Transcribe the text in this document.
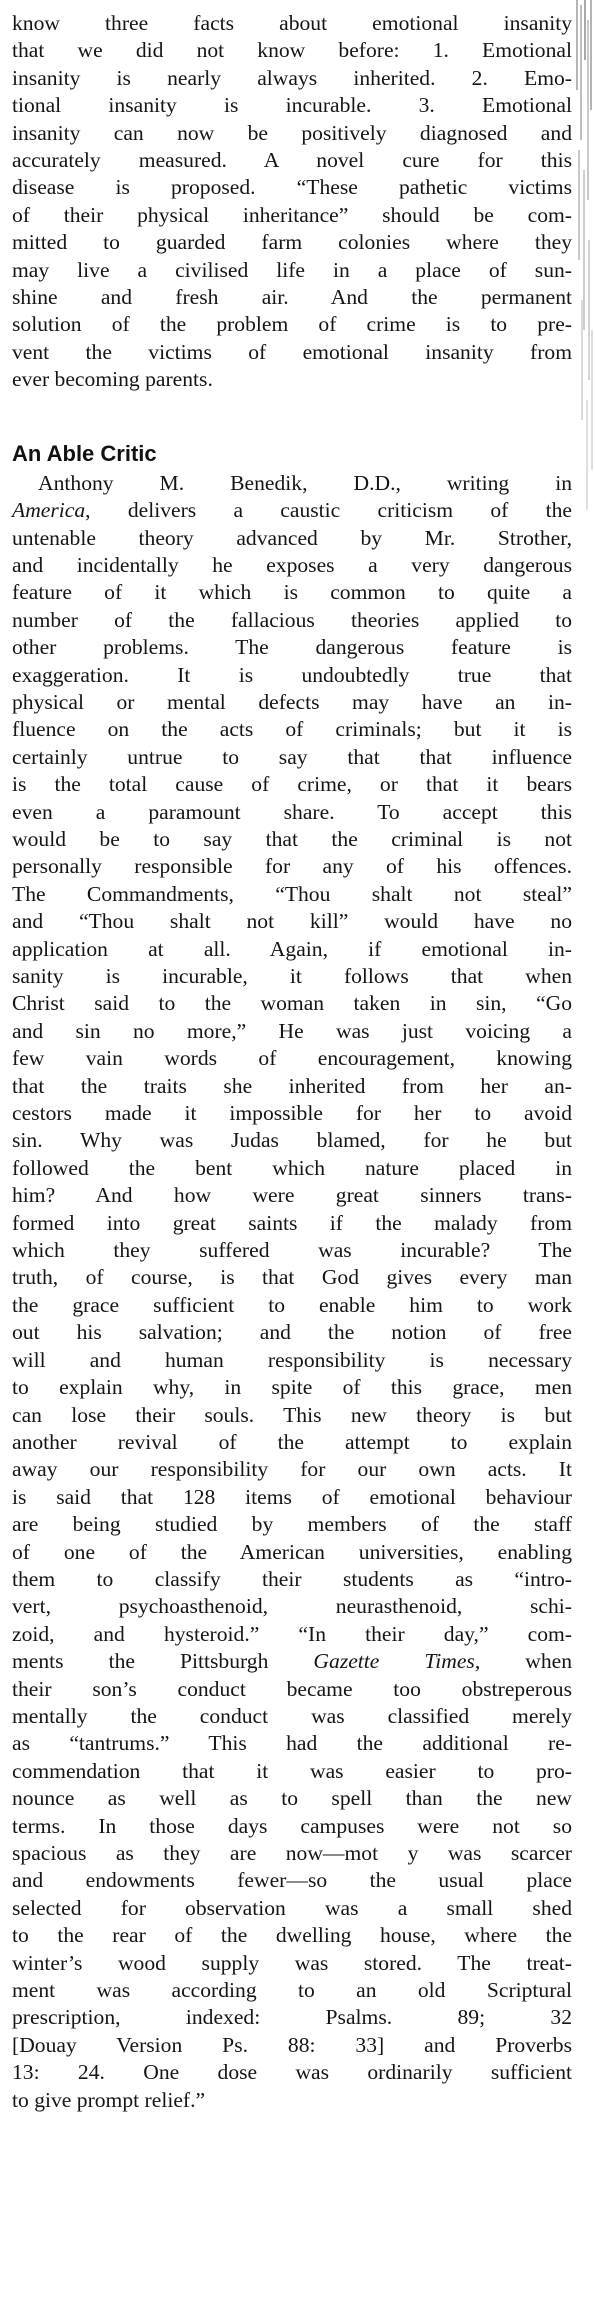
know three facts about emotional insanity
that we did not know before: 1. Emotional
insanity is nearly always inherited. 2. Emo-
tional insanity is incurable. 3. Emotional
insanity can now be positively diagnosed and
accurately measured. A novel cure for this
disease is proposed. “These pathetic victims
of their physical inheritance” should be com-
mitted to guarded farm colonies where they
may live a civilised life in a place of sun-
shine and fresh air. And the permanent
solution of the problem of crime is to pre-
vent the victims of emotional insanity from
ever becoming parents.
An Able Critic
Anthony M. Benedik, D.D., writing in
America, delivers a caustic criticism of the
untenable theory advanced by Mr. Strother,
and incidentally he exposes a very dangerous
feature of it which is common to quite a
number of the fallacious theories applied to
other problems. The dangerous feature is
exaggeration. It is undoubtedly true that
physical or mental defects may have an in-
fluence on the acts of criminals; but it is
certainly untrue to say that that influence
is the total cause of crime, or that it bears
even a paramount share. To accept this
would be to say that the criminal is not
personally responsible for any of his offences.
The Commandments, “Thou shalt not steal”
and “Thou shalt not kill” would have no
application at all. Again, if emotional in-
sanity is incurable, it follows that when
Christ said to the woman taken in sin, “Go
and sin no more,” He was just voicing a
few vain words of encouragement, knowing
that the traits she inherited from her an-
cestors made it impossible for her to avoid
sin. Why was Judas blamed, for he but
followed the bent which nature placed in
him? And how were great sinners trans-
formed into great saints if the malady from
which they suffered was incurable? The
truth, of course, is that God gives every man
the grace sufficient to enable him to work
out his salvation; and the notion of free
will and human responsibility is necessary
to explain why, in spite of this grace, men
can lose their souls. This new theory is but
another revival of the attempt to explain
away our responsibility for our own acts. It
is said that 128 items of emotional behaviour
are being studied by members of the staff
of one of the American universities, enabling
them to classify their students as “intro-
vert, psychoasthenoid, neurasthenoid, schi-
zoid, and hysteroid.” “In their day,” com-
ments the Pittsburgh Gazette Times, when
their son’s conduct became too obstreperous
mentally the conduct was classified merely
as “tantrums.” This had the additional re-
commendation that it was easier to pro-
nounce as well as to spell than the new
terms. In those days campuses were not so
spacious as they are now—mot y was scarcer
and endowments fewer—so the usual place
selected for observation was a small shed
to the rear of the dwelling house, where the
winter’s wood supply was stored. The treat-
ment was according to an old Scriptural
prescription, indexed: Psalms. 89; 32
[Douay Version Ps. 88: 33] and Proverbs
13: 24. One dose was ordinarily sufficient
to give prompt relief.”
